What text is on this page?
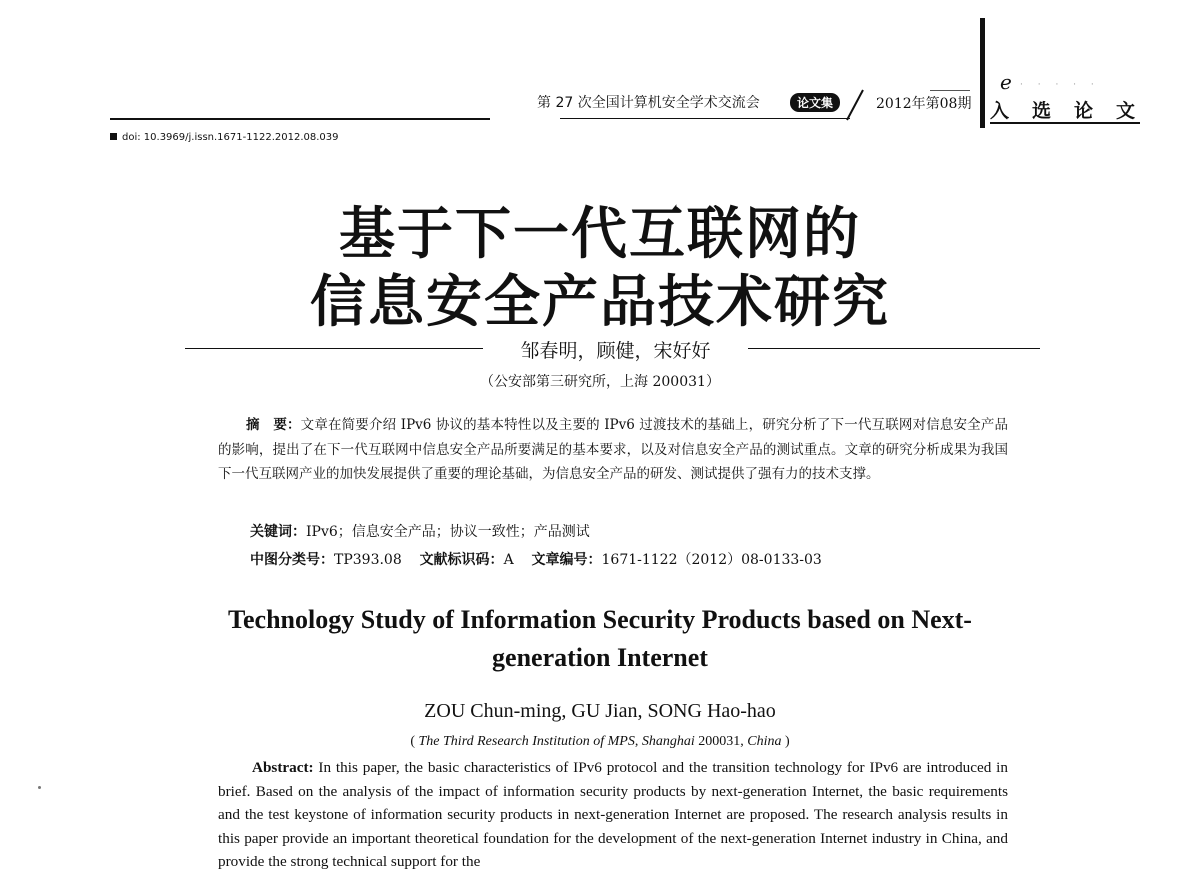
第 27 次全国计算机安全学术交流会	论文集	2012年第08期
e · · · · ·
入选论文
doi: 10.3969/j.issn.1671-1122.2012.08.039
基于下一代互联网的
信息安全产品技术研究
邹春明，顾健，宋好好
（公安部第三研究所，上海 200031）
摘　要：文章在简要介绍 IPv6 协议的基本特性以及主要的 IPv6 过渡技术的基础上，研究分析了下一代互联网对信息安全产品的影响，提出了在下一代互联网中信息安全产品所要满足的基本要求，以及对信息安全产品的测试重点。文章的研究分析成果为我国下一代互联网产业的加快发展提供了重要的理论基础，为信息安全产品的研发、测试提供了强有力的技术支撑。
关键词：IPv6；信息安全产品；协议一致性；产品测试
中图分类号：TP393.08 文献标识码：A 文章编号：1671-1122（2012）08-0133-03
Technology Study of Information Security Products based on Next-
generation Internet
ZOU Chun-ming, GU Jian, SONG Hao-hao
( The Third Research Institution of MPS, Shanghai 200031, China )
Abstract: In this paper, the basic characteristics of IPv6 protocol and the transition technology for IPv6 are introduced in brief. Based on the analysis of the impact of information security products by next-generation Internet, the basic requirements and the test keystone of information security products in next-generation Internet are proposed. The research analysis results in this paper provide an important theoretical foundation for the development of the next-generation Internet industry in China, and provide the strong technical support for the
